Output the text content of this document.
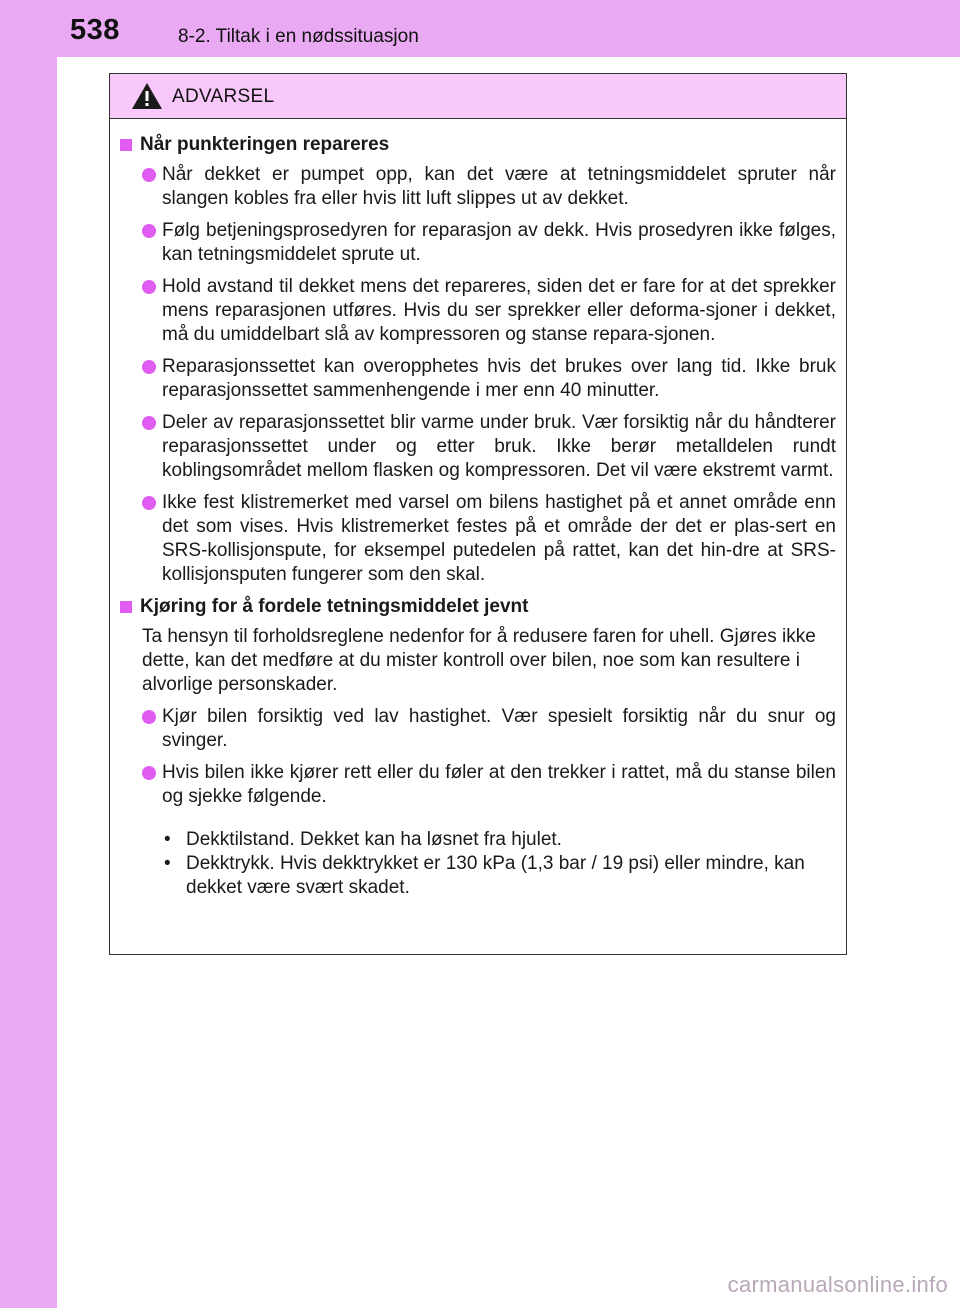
538	8-2. Tiltak i en nødssituasjon
ADVARSEL
Når punkteringen repareres
Når dekket er pumpet opp, kan det være at tetningsmiddelet spruter når slangen kobles fra eller hvis litt luft slippes ut av dekket.
Følg betjeningsprosedyren for reparasjon av dekk. Hvis prosedyren ikke følges, kan tetningsmiddelet sprute ut.
Hold avstand til dekket mens det repareres, siden det er fare for at det sprekker mens reparasjonen utføres. Hvis du ser sprekker eller deforma-sjoner i dekket, må du umiddelbart slå av kompressoren og stanse repara-sjonen.
Reparasjonssettet kan overopphetes hvis det brukes over lang tid. Ikke bruk reparasjonssettet sammenhengende i mer enn 40 minutter.
Deler av reparasjonssettet blir varme under bruk. Vær forsiktig når du håndterer reparasjonssettet under og etter bruk. Ikke berør metalldelen rundt koblingsområdet mellom flasken og kompressoren. Det vil være ekstremt varmt.
Ikke fest klistremerket med varsel om bilens hastighet på et annet område enn det som vises. Hvis klistremerket festes på et område der det er plas-sert en SRS-kollisjonspute, for eksempel putedelen på rattet, kan det hin-dre at SRS-kollisjonsputen fungerer som den skal.
Kjøring for å fordele tetningsmiddelet jevnt
Ta hensyn til forholdsreglene nedenfor for å redusere faren for uhell. Gjøres ikke dette, kan det medføre at du mister kontroll over bilen, noe som kan resultere i alvorlige personskader.
Kjør bilen forsiktig ved lav hastighet. Vær spesielt forsiktig når du snur og svinger.
Hvis bilen ikke kjører rett eller du føler at den trekker i rattet, må du stanse bilen og sjekke følgende.
• Dekktilstand. Dekket kan ha løsnet fra hjulet.
• Dekktrykk. Hvis dekktrykket er 130 kPa (1,3 bar / 19 psi) eller mindre, kan dekket være svært skadet.
carmanualsonline.info
